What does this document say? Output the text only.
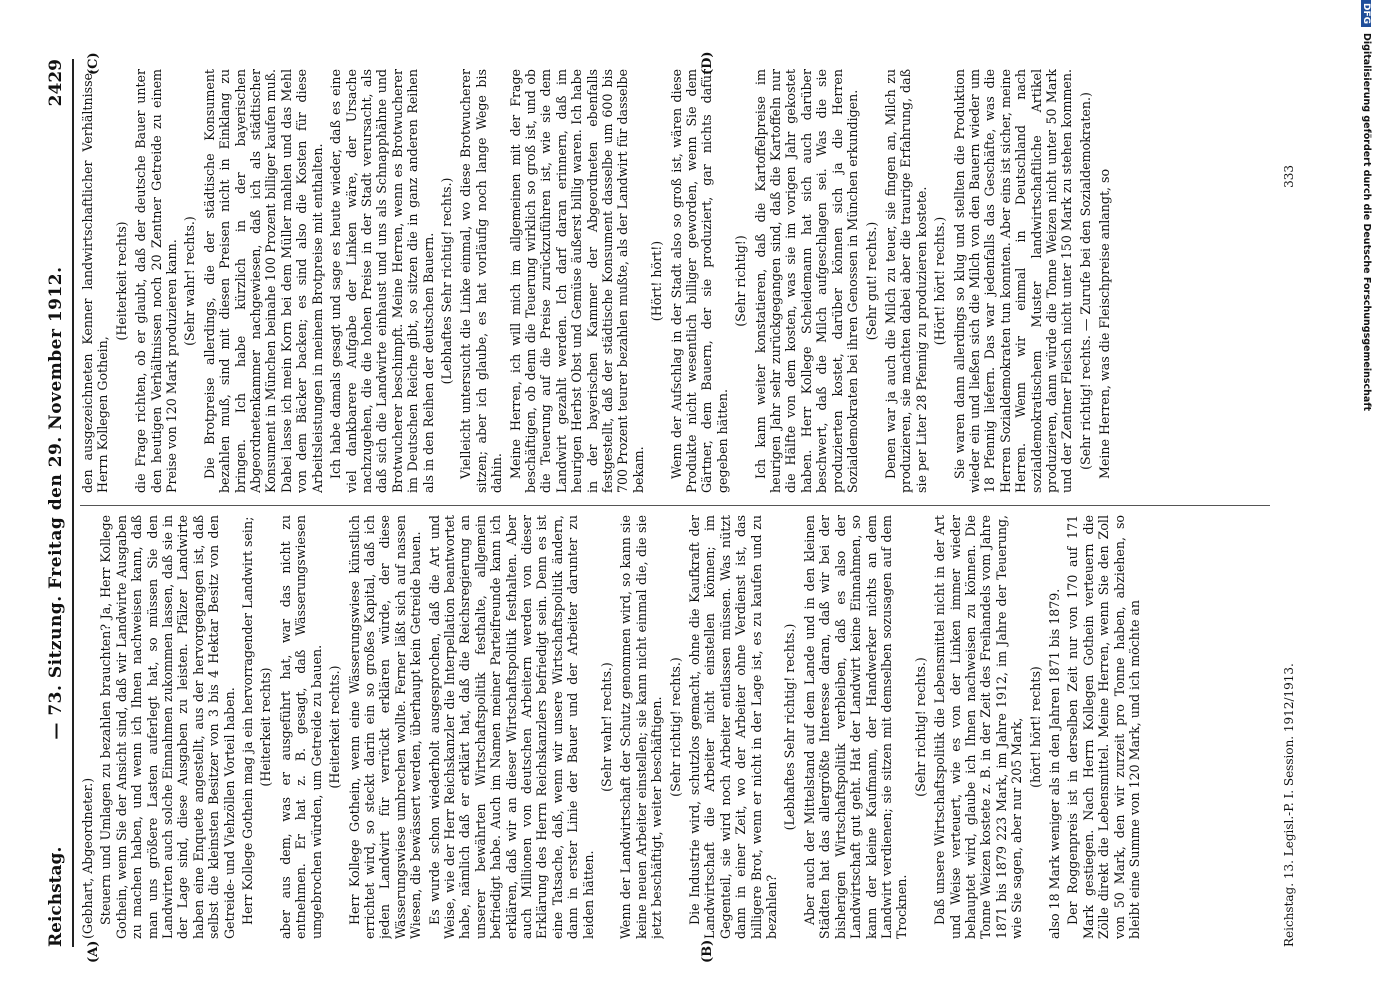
Reichstag.
— 73. Sitzung. Freitag den 29. November 1912.
2429
(A)	(B)
(C)	(D)

(Gebhart, Abgeordneter.) Steuern und Umlagen zu bezahlen brauchten? Ja, Herr Kollege Gothein, wenn Sie der Ansicht sind, daß wir Landwirte Ausgaben zu machen haben, und wenn ich Ihnen nachweisen kann, daß man uns größere Lasten auferlegt hat, so müssen Sie den Landwirten auch solche Einnahmen zukommen lassen, daß sie in der Lage sind, diese Ausgaben zu leisten. Pfälzer Landwirte haben eine Enquete angestellt, aus der hervorgegangen ist, daß selbst die kleinsten Besitzer von 3 bis 4 Hektar Besitz von den Getreide- und Viehzöllen Vorteil haben. Herr Kollege Gothein mag ja ein hervorragender Landwirt sein; (Heiterkeit rechts) aber aus dem, was er ausgeführt hat, war das nicht zu entnehmen. Er hat z. B. gesagt, daß Wässerungswiesen umgebrochen würden, um Getreide zu bauen. (Heiterkeit rechts.) Herr Kollege Gothein, wenn eine Wässerungswiese künstlich errichtet wird, so steckt darin ein so großes Kapital, daß ich jeden Landwirt für verrückt erklären würde, der diese Wässerungswiese umbrechen wollte. Ferner läßt sich auf nassen Wiesen, die bewässert werden, überhaupt kein Getreide bauen. Es wurde schon wiederholt ausgesprochen, daß die Art und Weise, wie der Herr Reichskanzler die Interpellation beantwortet habe, nämlich daß er erklärt hat, daß die Reichsregierung an unserer bewährten Wirtschaftspolitik festhalte, allgemein befriedigt habe. Auch im Namen meiner Parteifreunde kann ich erklären, daß wir an dieser Wirtschaftspolitik festhalten. Aber auch Millionen von deutschen Arbeitern werden von dieser Erklärung des Herrn Reichskanzlers befriedigt sein. Denn es ist eine Tatsache, daß, wenn wir unsere Wirtschaftspolitik ändern, dann in erster Linie der Bauer und der Arbeiter darunter zu leiden hätten.

(Sehr wahr! rechts.) Wenn der Landwirtschaft der Schutz genommen wird, so kann sie keine neuen Arbeiter einstellen; sie kann nicht einmal die, die sie jetzt beschäftigt, weiter beschäftigen. (Sehr richtig! rechts.) Die Industrie wird, schutzlos gemacht, ohne die Kaufkraft der Landwirtschaft die Arbeiter nicht einstellen können; im Gegenteil, sie wird noch Arbeiter entlassen müssen. Was nützt dann in einer Zeit, wo der Arbeiter ohne Verdienst ist, das billigere Brot, wenn er nicht in der Lage ist, es zu kaufen und zu bezahlen?

(Lebhaftes Sehr richtig! rechts.) Aber auch der Mittelstand auf dem Lande und in den kleinen Städten hat das allergrößte Interesse daran, daß wir bei der bisherigen Wirtschaftspolitik verbleiben, daß es also der Landwirtschaft gut geht. Hat der Landwirt keine Einnahmen, so kann der kleine Kaufmann, der Handwerker nichts an dem Landwirt verdienen; sie sitzen mit demselben sozusagen auf dem Trocknen.

(Sehr richtig! rechts.) Daß unsere Wirtschaftspolitik die Lebensmittel nicht in der Art und Weise verteuert, wie es von der Linken immer wieder behauptet wird, glaube ich Ihnen nachweisen zu können. Die Tonne Weizen kostete z. B. in der Zeit des Freihandels vom Jahre 1871 bis 1879 223 Mark, im Jahre 1912, im Jahre der Teuerung, wie Sie sagen, aber nur 205 Mark, (hört! hört! rechts) also 18 Mark weniger als in den Jahren 1871 bis 1879. Der Roggenpreis ist in derselben Zeit nur von 170 auf 171 Mark gestiegen. Nach Herrn Kollegen Gothein verteuern die Zölle direkt die Lebensmittel. Meine Herren, wenn Sie den Zoll von 50 Mark, den wir zurzeit pro Tonne haben, abziehen, so bleibt eine Summe von 120 Mark, und ich möchte an

den ausgezeichneten Kenner landwirtschaftlicher Verhältnisse, Herrn Kollegen Gothein,

(Heiterkeit rechts) die Frage richten, ob er glaubt, daß der deutsche Bauer unter den heutigen Verhältnissen noch 20 Zentner Getreide zu einem Preise von 120 Mark produzieren kann. (Sehr wahr! rechts.) Die Brotpreise allerdings, die der städtische Konsument bezahlen muß, sind mit diesen Preisen nicht in Einklang zu bringen. Ich habe kürzlich in der bayerischen Abgeordnetenkammer nachgewiesen, daß ich als städtischer Konsument in München beinahe 100 Prozent billiger kaufen muß. Dabei lasse ich mein Korn bei dem Müller mahlen und das Mehl von dem Bäcker backen; es sind also die Kosten für diese Arbeitsleistungen in meinem Brotpreise mit enthalten. Ich habe damals gesagt und sage es heute wieder, daß es eine viel dankbarere Aufgabe der Linken wäre, der Ursache nachzugehen, die die hohen Preise in der Stadt verursacht, als daß sich die Landwirte einhaust und uns als Schnapphähne und Brotwucherer beschimpft. Meine Herren, wenn es Brotwucherer im Deutschen Reiche gibt, so sitzen die in ganz anderen Reihen als in den Reihen der deutschen Bauern. (Lebhaftes Sehr richtig! rechts.) Vielleicht untersucht die Linke einmal, wo diese Brotwucherer sitzen; aber ich glaube, es hat vorläufig noch lange Wege bis dahin. Meine Herren, ich will mich im allgemeinen mit der Frage beschäftigen, ob denn die Teuerung wirklich so groß ist, und ob die Teuerung auf die Preise zurückzuführen ist, wie sie dem Landwirt gezahlt werden. Ich darf daran erinnern, daß im heurigen Herbst Obst und Gemüse äußerst billig waren. Ich habe in der bayerischen Kammer der Abgeordneten ebenfalls festgestellt, daß der städtische Konsument dasselbe um 600 bis 700 Prozent teurer bezahlen mußte, als der Landwirt für dasselbe bekam.

(Hört! hört!) Wenn der Aufschlag in der Stadt also so groß ist, wären diese Produkte nicht wesentlich billiger geworden, wenn Sie dem Gärtner, dem Bauern, der sie produziert, gar nichts dafür gegeben hätten.

(Sehr richtig!) Ich kann weiter konstatieren, daß die Kartoffelpreise im heurigen Jahr sehr zurückgegangen sind, daß die Kartoffeln nur die Hälfte von dem kosten, was sie im vorigen Jahr gekostet haben. Herr Kollege Scheidemann hat sich auch darüber beschwert, daß die Milch aufgeschlagen sei. Was die sie produzierten kostet, darüber können sich ja die Herren Sozialdemokraten bei ihren Genossen in München erkundigen. (Sehr gut! rechts.) Denen war ja auch die Milch zu teuer, sie fingen an, Milch zu produzieren, sie machten dabei aber die traurige Erfahrung, daß sie per Liter 28 Pfennig zu produzieren kostete. (Hört! hört! rechts.) Sie waren dann allerdings so klug und stellten die Produktion wieder ein und ließen sich die Milch von den Bauern wieder um 18 Pfennig liefern. Das war jedenfalls das Geschäfte, was die Herren Sozialdemokraten tun konnten. Aber eins ist sicher, meine Herren. Wenn wir einmal in Deutschland nach sozialdemokratischem Muster landwirtschaftliche Artikel produzieren, dann würde die Tonne Weizen nicht unter 50 Mark und der Zentner Fleisch nicht unter 150 Mark zu stehen kommen. (Sehr richtig! rechts. — Zurufe bei den Sozialdemokraten.) Meine Herren, was die Fleischpreise anlangt, so

Reichstag. 13. Legisl.-P. I. Session. 1912/1913.
333
DFGDigitalisierung gefördert durch die Deutsche Forschungsgemeinschaft
